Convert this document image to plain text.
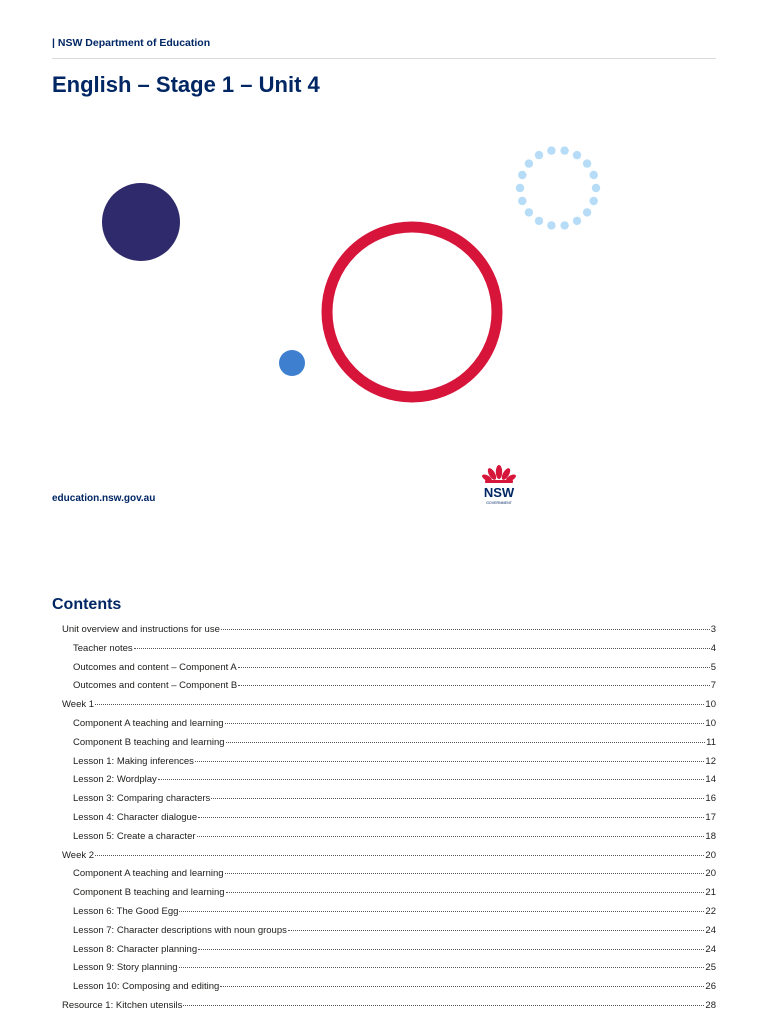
| NSW Department of Education
English – Stage 1 – Unit 4
education.nsw.gov.au	NSW
GOVERNMENT
Contents
Unit overview and instructions for use	3
Teacher notes	4
Outcomes and content – Component A	5
Outcomes and content – Component B	7
Week 1	10
Component A teaching and learning	10
Component B teaching and learning	11
Lesson 1: Making inferences	12
Lesson 2: Wordplay	14
Lesson 3: Comparing characters	16
Lesson 4: Character dialogue	17
Lesson 5: Create a character	18
Week 2	20
Component A teaching and learning	20
Component B teaching and learning	21
Lesson 6: The Good Egg	22
Lesson 7: Character descriptions with noun groups	24
Lesson 8: Character planning	24
Lesson 9: Story planning	25
Lesson 10: Composing and editing	26
Resource 1: Kitchen utensils	28
